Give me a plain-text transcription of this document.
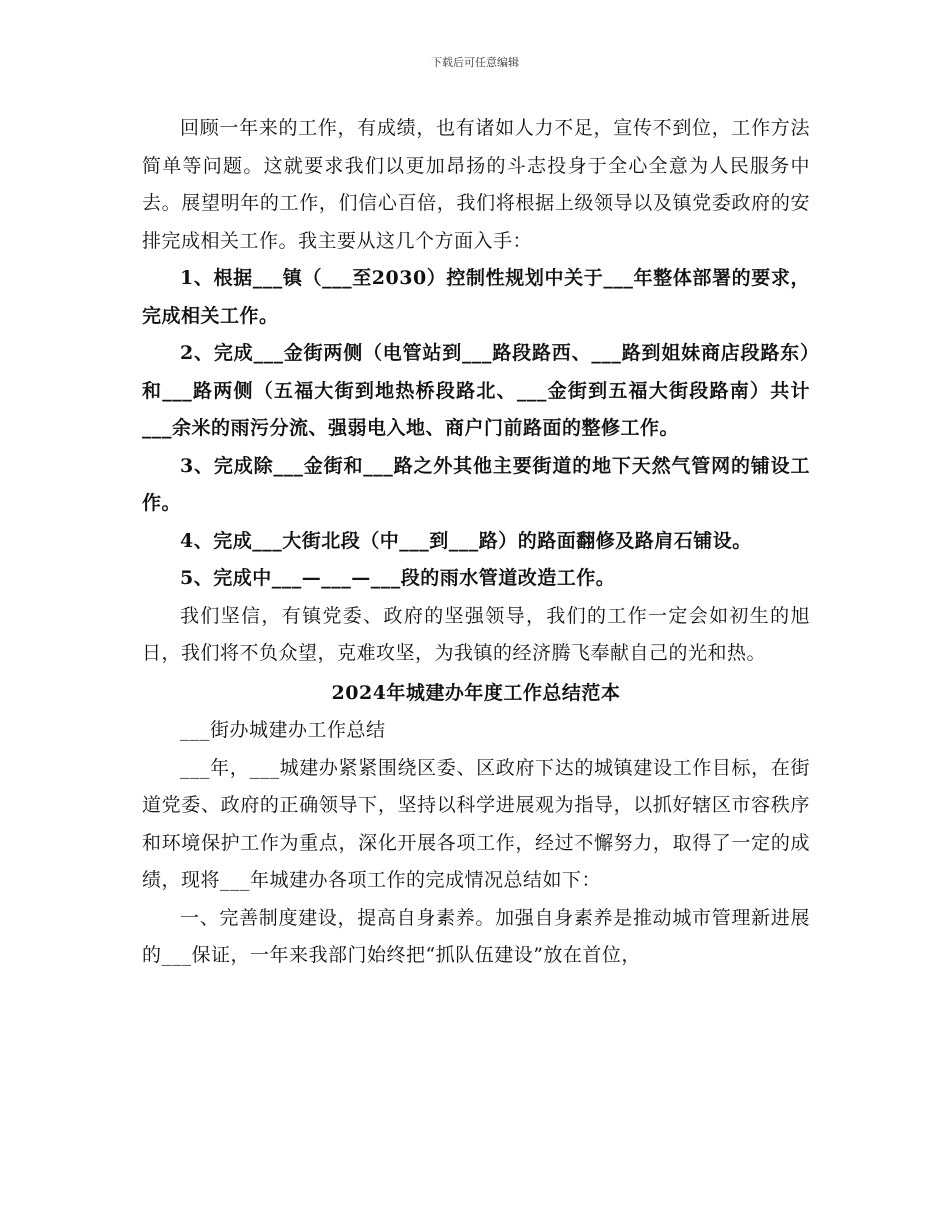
下载后可任意编辑

回顾一年来的工作，有成绩，也有诸如人力不足，宣传不到位，工作方法简单等问题。这就要求我们以更加昂扬的斗志投身于全心全意为人民服务中去。展望明年的工作，们信心百倍，我们将根据上级领导以及镇党委政府的安排完成相关工作。我主要从这几个方面入手：

1、根据___镇（___至2030）控制性规划中关于___年整体部署的要求，完成相关工作。

2、完成___金街两侧（电管站到___路段路西、___路到姐妹商店段路东）和___路两侧（五福大街到地热桥段路北、___金街到五福大街段路南）共计___余米的雨污分流、强弱电入地、商户门前路面的整修工作。

3、完成除___金街和___路之外其他主要街道的地下天然气管网的铺设工作。

4、完成___大街北段（中___到___路）的路面翻修及路肩石铺设。

5、完成中___—___—___段的雨水管道改造工作。

我们坚信，有镇党委、政府的坚强领导，我们的工作一定会如初生的旭日，我们将不负众望，克难攻坚，为我镇的经济腾飞奉献自己的光和热。

2024年城建办年度工作总结范本

___街办城建办工作总结

___年，___城建办紧紧围绕区委、区政府下达的城镇建设工作目标，在街道党委、政府的正确领导下，坚持以科学进展观为指导，以抓好辖区市容秩序和环境保护工作为重点，深化开展各项工作，经过不懈努力，取得了一定的成绩，现将___年城建办各项工作的完成情况总结如下：

一、完善制度建设，提高自身素养。加强自身素养是推动城市管理新进展的___保证，一年来我部门始终把“抓队伍建设”放在首位，
